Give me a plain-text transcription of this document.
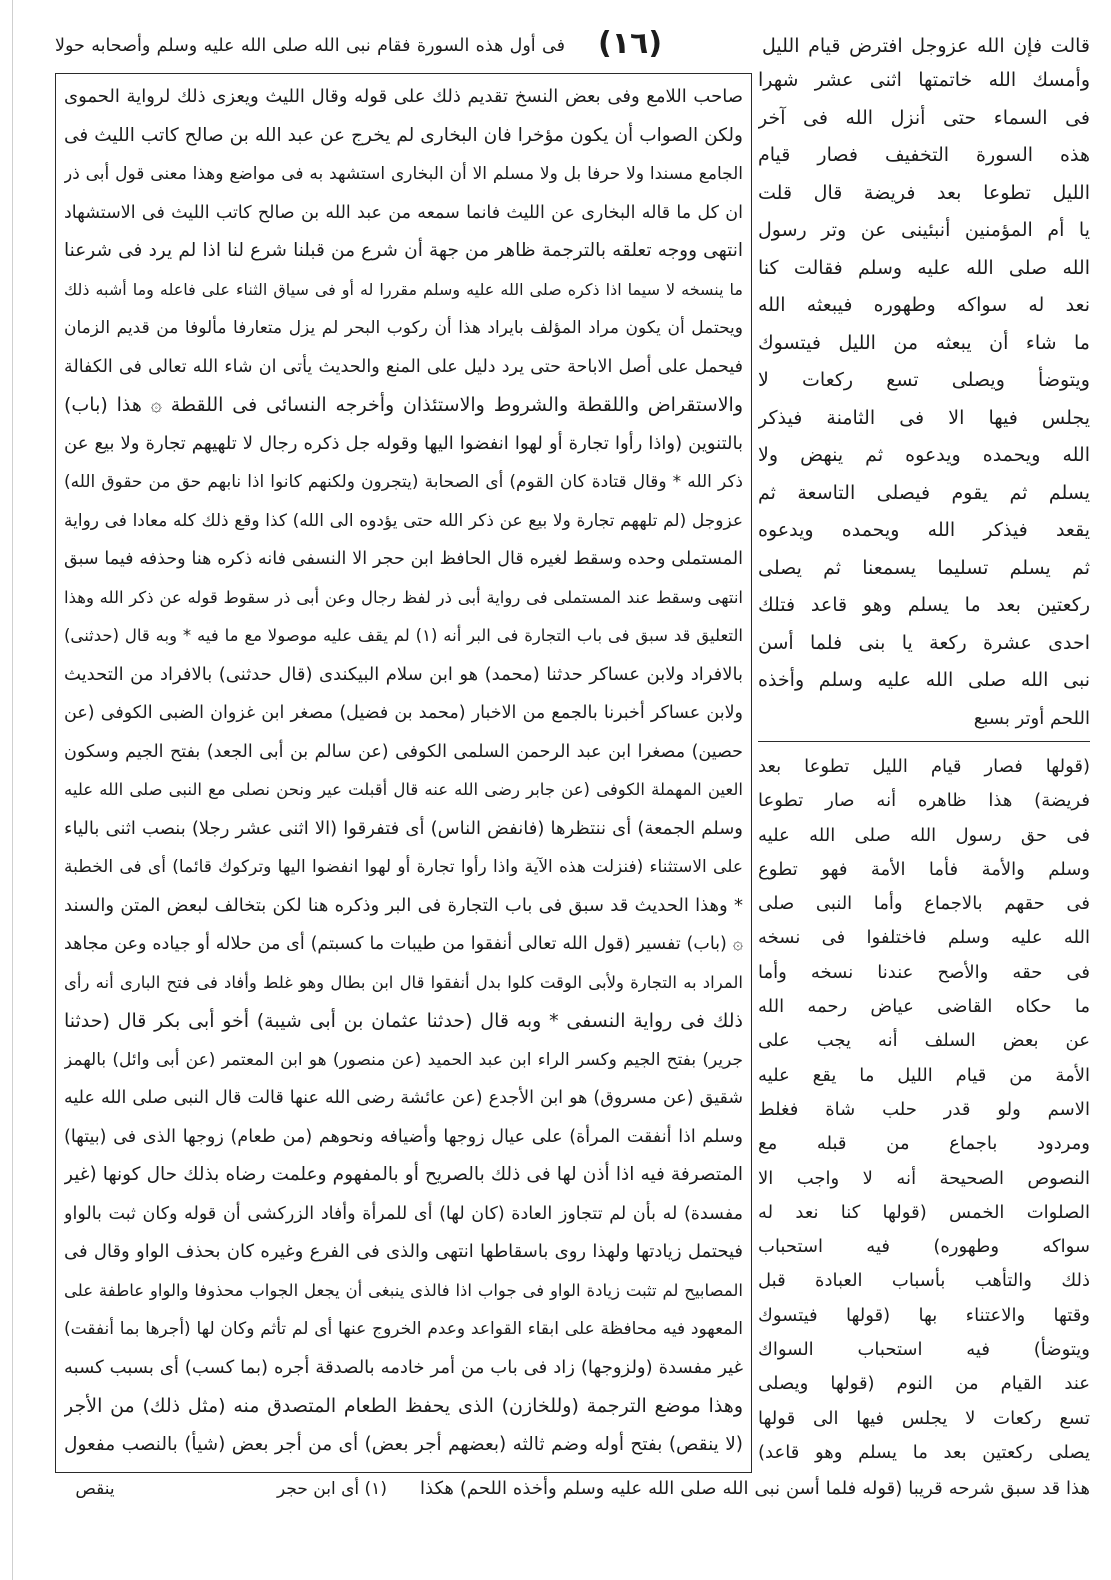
قالت فإن الله عزوجل افترض قيام الليل
(١٦)
فى أول هذه السورة فقام نبى الله صلى الله عليه وسلم وأصحابه حولا
صاحب اللامع وفى بعض النسخ تقديم ذلك على قوله وقال الليث ويعزى ذلك لرواية الحموى
ولكن الصواب أن يكون مؤخرا فان البخارى لم يخرج عن عبد الله بن صالح كاتب الليث فى
الجامع مسندا ولا حرفا بل ولا مسلم الا أن البخارى استشهد به فى مواضع وهذا معنى قول أبى ذر
ان كل ما قاله البخارى عن الليث فانما سمعه من عبد الله بن صالح كاتب الليث فى الاستشهاد
انتهى ووجه تعلقه بالترجمة ظاهر من جهة أن شرع من قبلنا شرع لنا اذا لم يرد فى شرعنا
ما ينسخه لا سيما اذا ذكره صلى الله عليه وسلم مقررا له أو فى سياق الثناء على فاعله وما أشبه ذلك
ويحتمل أن يكون مراد المؤلف بايراد هذا أن ركوب البحر لم يزل متعارفا مألوفا من قديم الزمان
فيحمل على أصل الاباحة حتى يرد دليل على المنع والحديث يأتى ان شاء الله تعالى فى الكفالة
والاستقراض واللقطة والشروط والاستئذان وأخرجه النسائى فى اللقطة ۞ هذا (باب)
بالتنوين (واذا رأوا تجارة أو لهوا انفضوا اليها وقوله جل ذكره رجال لا تلهيهم تجارة ولا بيع عن
ذكر الله * وقال قتادة كان القوم) أى الصحابة (يتجرون ولكنهم كانوا اذا نابهم حق من حقوق الله)
عزوجل (لم تلههم تجارة ولا بيع عن ذكر الله حتى يؤدوه الى الله) كذا وقع ذلك كله معادا فى رواية
المستملى وحده وسقط لغيره قال الحافظ ابن حجر الا النسفى فانه ذكره هنا وحذفه فيما سبق
انتهى وسقط عند المستملى فى رواية أبى ذر لفظ رجال وعن أبى ذر سقوط قوله عن ذكر الله وهذا
التعليق قد سبق فى باب التجارة فى البر أنه (١) لم يقف عليه موصولا مع ما فيه * وبه قال (حدثنى)
بالافراد ولابن عساكر حدثنا (محمد) هو ابن سلام البيكندى (قال حدثنى) بالافراد من التحديث
ولابن عساكر أخبرنا بالجمع من الاخبار (محمد بن فضيل) مصغر ابن غزوان الضبى الكوفى (عن
حصين) مصغرا ابن عبد الرحمن السلمى الكوفى (عن سالم بن أبى الجعد) بفتح الجيم وسكون
العين المهملة الكوفى (عن جابر رضى الله عنه قال أقبلت عير ونحن نصلى مع النبى صلى الله عليه
وسلم الجمعة) أى ننتظرها (فانفض الناس) أى فتفرقوا (الا اثنى عشر رجلا) بنصب اثنى بالياء
على الاستثناء (فنزلت هذه الآية واذا رأوا تجارة أو لهوا انفضوا اليها وتركوك قائما) أى فى الخطبة
* وهذا الحديث قد سبق فى باب التجارة فى البر وذكره هنا لكن بتخالف لبعض المتن والسند
۞ (باب) تفسير (قول الله تعالى أنفقوا من طيبات ما كسبتم) أى من حلاله أو جياده وعن مجاهد
المراد به التجارة ولأبى الوقت كلوا بدل أنفقوا قال ابن بطال وهو غلط وأفاد فى فتح البارى أنه رأى
ذلك فى رواية النسفى * وبه قال (حدثنا عثمان بن أبى شيبة) أخو أبى بكر قال (حدثنا
جرير) بفتح الجيم وكسر الراء ابن عبد الحميد (عن منصور) هو ابن المعتمر (عن أبى وائل) بالهمز
شقيق (عن مسروق) هو ابن الأجدع (عن عائشة رضى الله عنها قالت قال النبى صلى الله عليه
وسلم اذا أنفقت المرأة) على عيال زوجها وأضيافه ونحوهم (من طعام) زوجها الذى فى (بيتها)
المتصرفة فيه اذا أذن لها فى ذلك بالصريح أو بالمفهوم وعلمت رضاه بذلك حال كونها (غير
مفسدة) له بأن لم تتجاوز العادة (كان لها) أى للمرأة وأفاد الزركشى أن قوله وكان ثبت بالواو
فيحتمل زيادتها ولهذا روى باسقاطها انتهى والذى فى الفرع وغيره كان بحذف الواو وقال فى
المصابيح لم تثبت زيادة الواو فى جواب اذا فالذى ينبغى أن يجعل الجواب محذوفا والواو عاطفة على
المعهود فيه محافظة على ابقاء القواعد وعدم الخروج عنها أى لم تأثم وكان لها (أجرها بما أنفقت)
غير مفسدة (ولزوجها) زاد فى باب من أمر خادمه بالصدقة أجره (بما كسب) أى بسبب كسبه
وهذا موضع الترجمة (وللخازن) الذى يحفظ الطعام المتصدق منه (مثل ذلك) من الأجر
(لا ينقص) بفتح أوله وضم ثالثه (بعضهم أجر بعض) أى من أجر بعض (شيأ) بالنصب مفعول
وأمسك الله خاتمتها اثنى عشر شهرا
فى السماء حتى أنزل الله فى آخر
هذه السورة التخفيف فصار قيام
الليل تطوعا بعد فريضة قال قلت
يا أم المؤمنين أنبئينى عن وتر رسول
الله صلى الله عليه وسلم فقالت كنا
نعد له سواكه وطهوره فيبعثه الله
ما شاء أن يبعثه من الليل فيتسوك
ويتوضأ ويصلى تسع ركعات لا
يجلس فيها الا فى الثامنة فيذكر
الله ويحمده ويدعوه ثم ينهض ولا
يسلم ثم يقوم فيصلى التاسعة ثم
يقعد فيذكر الله ويحمده ويدعوه
ثم يسلم تسليما يسمعنا ثم يصلى
ركعتين بعد ما يسلم وهو قاعد فتلك
احدى عشرة ركعة يا بنى فلما أسن
نبى الله صلى الله عليه وسلم وأخذه
اللحم أوتر بسبع
(قولها فصار قيام الليل تطوعا بعد
فريضة) هذا ظاهره أنه صار تطوعا
فى حق رسول الله صلى الله عليه
وسلم والأمة فأما الأمة فهو تطوع
فى حقهم بالاجماع وأما النبى صلى
الله عليه وسلم فاختلفوا فى نسخه
فى حقه والأصح عندنا نسخه وأما
ما حكاه القاضى عياض رحمه الله
عن بعض السلف أنه يجب على
الأمة من قيام الليل ما يقع عليه
الاسم ولو قدر حلب شاة فغلط
ومردود باجماع من قبله مع
النصوص الصحيحة أنه لا واجب الا
الصلوات الخمس (قولها كنا نعد له
سواكه وطهوره) فيه استحباب
ذلك والتأهب بأسباب العبادة قبل
وقتها والاعتناء بها (قولها فيتسوك
ويتوضأ) فيه استحباب السواك
عند القيام من النوم (قولها ويصلى
تسع ركعات لا يجلس فيها الى قولها
يصلى ركعتين بعد ما يسلم وهو قاعد)
هذا قد سبق شرحه قريبا (قوله فلما أسن نبى الله صلى الله عليه وسلم وأخذه اللحم) هكذا
(١) أى ابن حجر
ينقص
